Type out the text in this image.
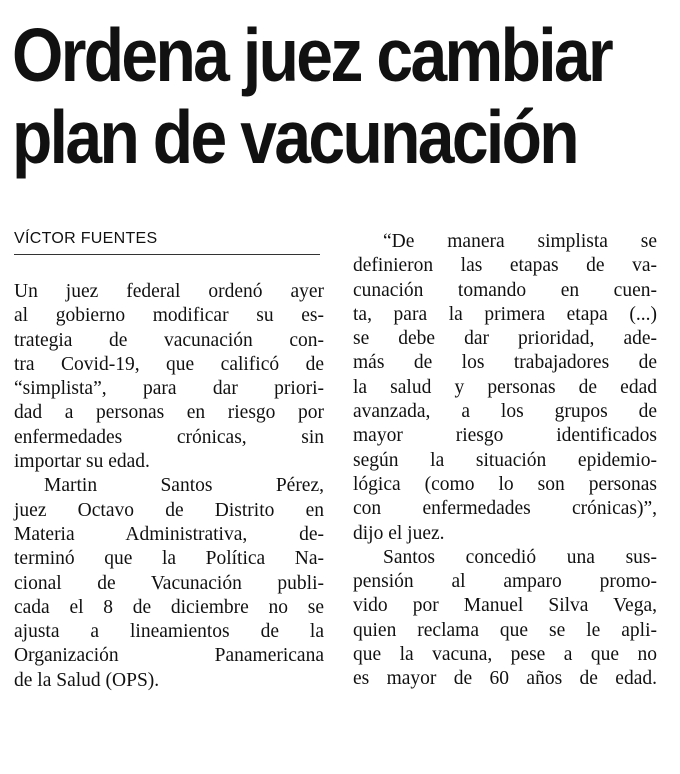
Ordena juez cambiar
plan de vacunación
VÍCTOR FUENTES
Un juez federal ordenó ayer
al gobierno modificar su es-
trategia de vacunación con-
tra Covid-19, que calificó de
“simplista”, para dar priori-
dad a personas en riesgo por
enfermedades crónicas, sin
importar su edad.
Martin Santos Pérez,
juez Octavo de Distrito en
Materia Administrativa, de-
terminó que la Política Na-
cional de Vacunación publi-
cada el 8 de diciembre no se
ajusta a lineamientos de la
Organización Panamericana
de la Salud (OPS).
“De manera simplista se
definieron las etapas de va-
cunación tomando en cuen-
ta, para la primera etapa (...)
se debe dar prioridad, ade-
más de los trabajadores de
la salud y personas de edad
avanzada, a los grupos de
mayor riesgo identificados
según la situación epidemio-
lógica (como lo son personas
con enfermedades crónicas)”,
dijo el juez.
Santos concedió una sus-
pensión al amparo promo-
vido por Manuel Silva Vega,
quien reclama que se le apli-
que la vacuna, pese a que no
es mayor de 60 años de edad.
